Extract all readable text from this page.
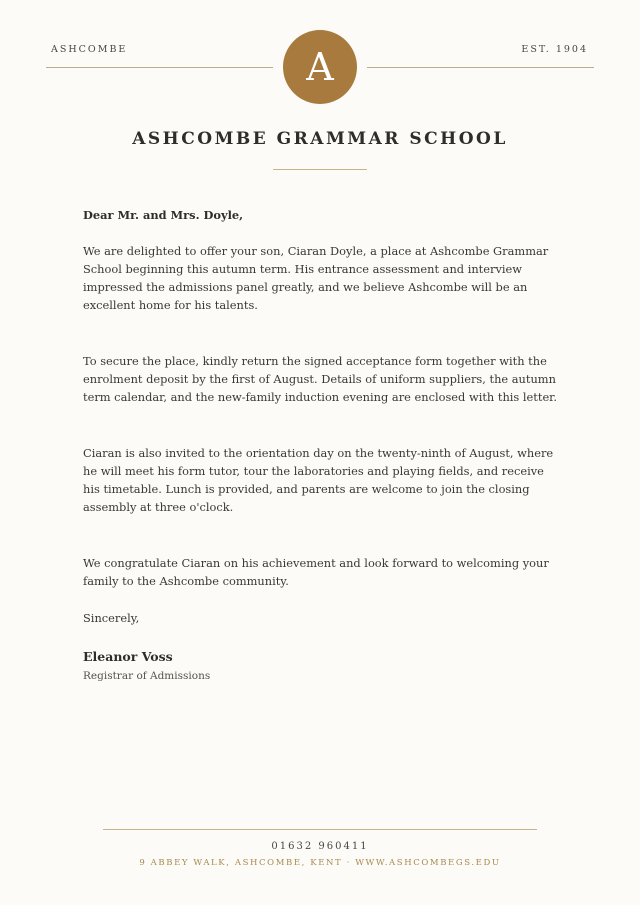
ASHCOMBE	EST. 1904
A
ASHCOMBE GRAMMAR SCHOOL

Dear Mr. and Mrs. Doyle,

We are delighted to offer your son, Ciaran Doyle, a place at Ashcombe Grammar School beginning this autumn term. His entrance assessment and interview impressed the admissions panel greatly, and we believe Ashcombe will be an excellent home for his talents.

To secure the place, kindly return the signed acceptance form together with the enrolment deposit by the first of August. Details of uniform suppliers, the autumn term calendar, and the new-family induction evening are enclosed with this letter.

Ciaran is also invited to the orientation day on the twenty-ninth of August, where he will meet his form tutor, tour the laboratories and playing fields, and receive his timetable. Lunch is provided, and parents are welcome to join the closing assembly at three o'clock.

We congratulate Ciaran on his achievement and look forward to welcoming your family to the Ashcombe community.

Sincerely,

Eleanor Voss

Registrar of Admissions

01632 960411
9 ABBEY WALK, ASHCOMBE, KENT · WWW.ASHCOMBEGS.EDU
